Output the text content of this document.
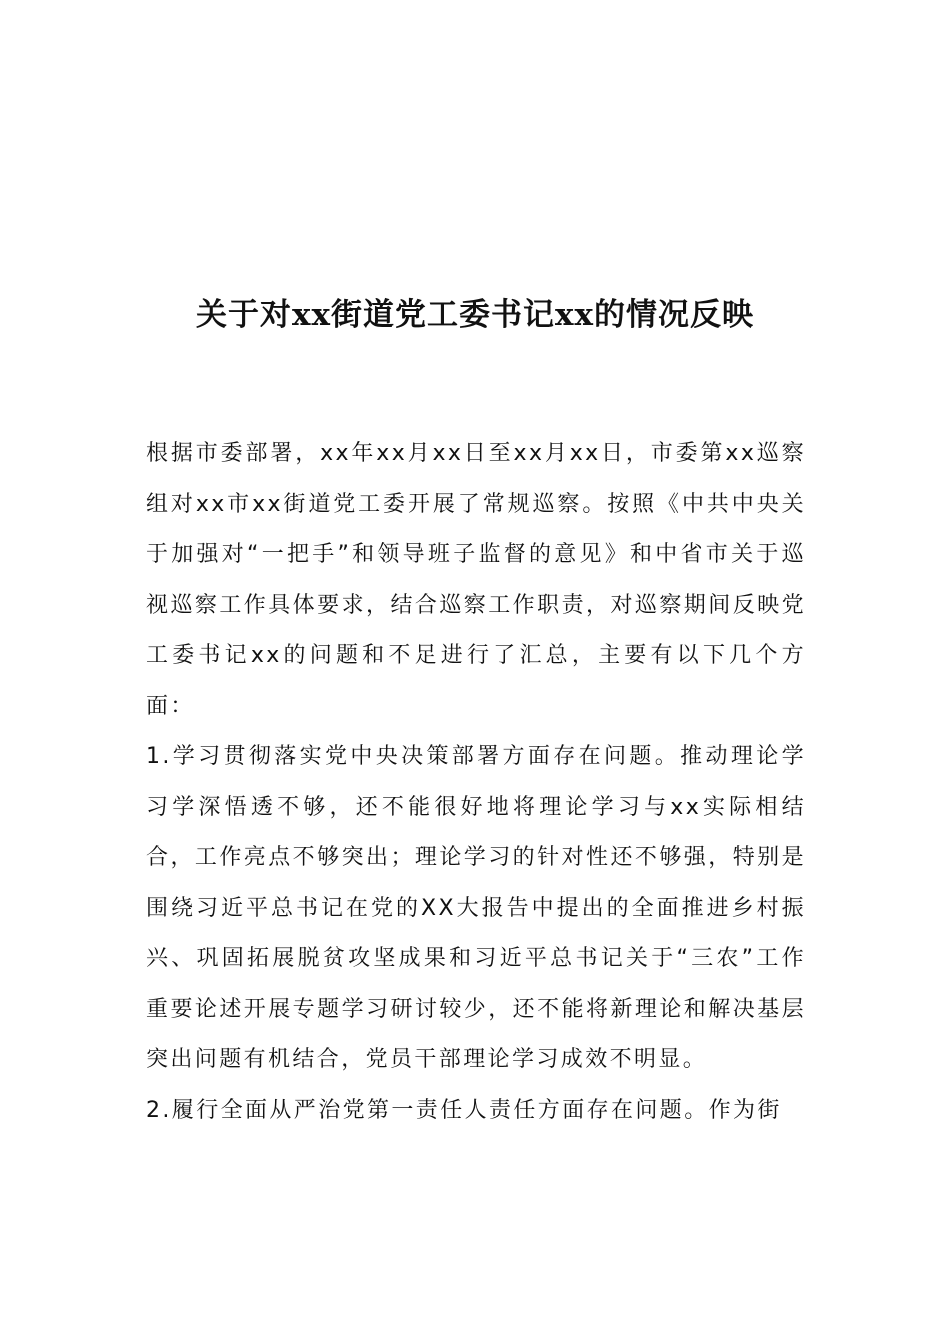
关于对xx街道党工委书记xx的情况反映

根据市委部署，xx年xx月xx日至xx月xx日，市委第xx巡察组对xx市xx街道党工委开展了常规巡察。按照《中共中央关于加强对“一把手”和领导班子监督的意见》和中省市关于巡视巡察工作具体要求，结合巡察工作职责，对巡察期间反映党工委书记xx的问题和不足进行了汇总，主要有以下几个方面：

1.学习贯彻落实党中央决策部署方面存在问题。推动理论学习学深悟透不够，还不能很好地将理论学习与xx实际相结合，工作亮点不够突出；理论学习的针对性还不够强，特别是围绕习近平总书记在党的XX大报告中提出的全面推进乡村振兴、巩固拓展脱贫攻坚成果和习近平总书记关于“三农”工作重要论述开展专题学习研讨较少，还不能将新理论和解决基层突出问题有机结合，党员干部理论学习成效不明显。

2.履行全面从严治党第一责任人责任方面存在问题。作为街
